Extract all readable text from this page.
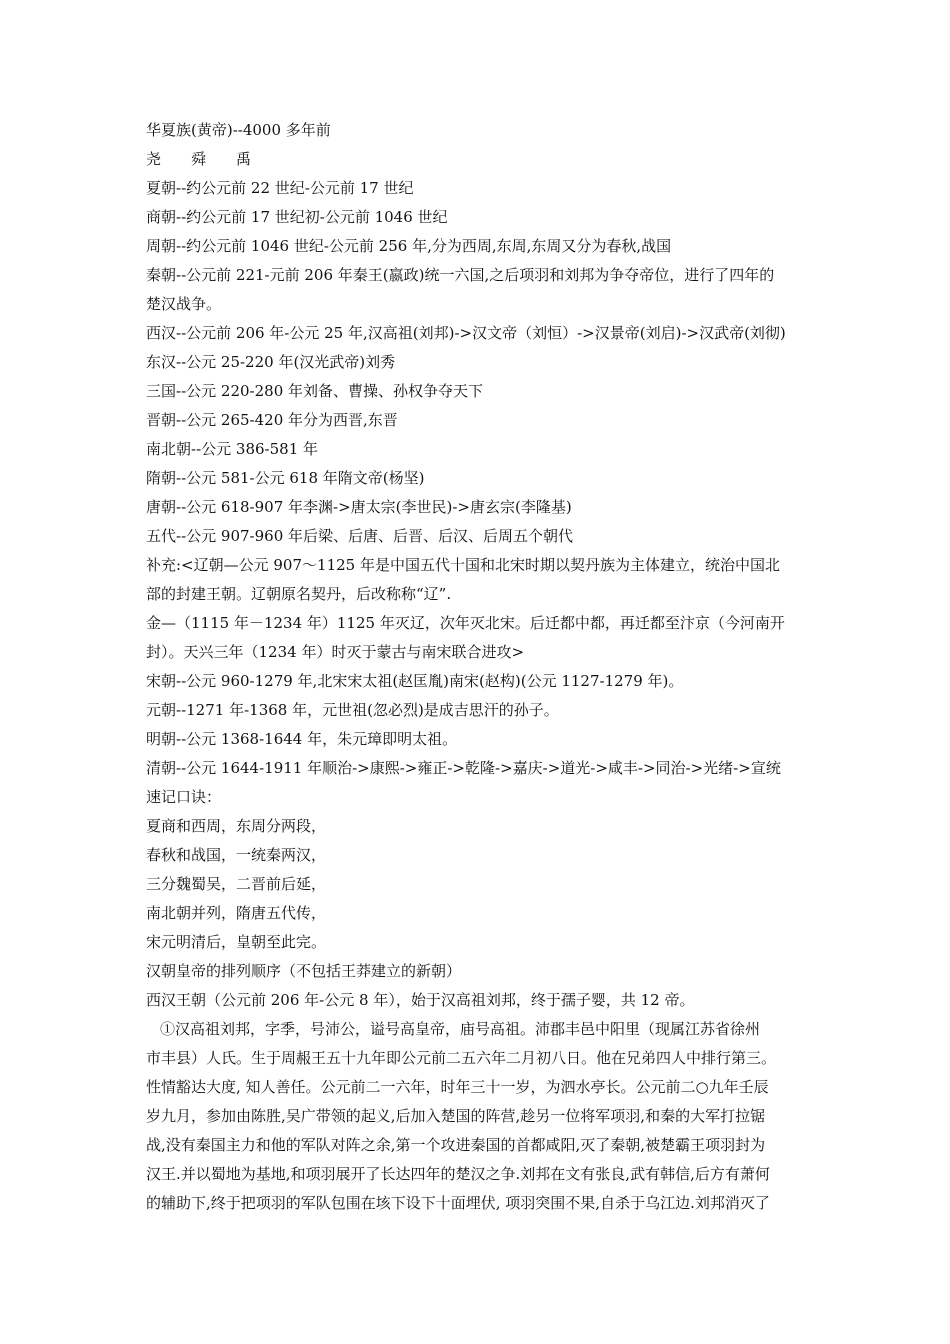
华夏族(黄帝)--4000 多年前
尧　　舜　　禹
夏朝--约公元前 22 世纪-公元前 17 世纪
商朝--约公元前 17 世纪初-公元前 1046 世纪
周朝--约公元前 1046 世纪-公元前 256 年,分为西周,东周,东周又分为春秋,战国
秦朝--公元前 221-元前 206 年秦王(嬴政)统一六国,之后项羽和刘邦为争夺帝位，进行了四年的
楚汉战争。
西汉--公元前 206 年-公元 25 年,汉高祖(刘邦)->汉文帝（刘恒）->汉景帝(刘启)->汉武帝(刘彻)
东汉--公元 25-220 年(汉光武帝)刘秀
三国--公元 220-280 年刘备、曹操、孙权争夺天下
晋朝--公元 265-420 年分为西晋,东晋
南北朝--公元 386-581 年
隋朝--公元 581-公元 618 年隋文帝(杨坚)
唐朝--公元 618-907 年李渊->唐太宗(李世民)->唐玄宗(李隆基)
五代--公元 907-960 年后梁、后唐、后晋、后汉、后周五个朝代
补充:<辽朝—公元 907～1125 年是中国五代十国和北宋时期以契丹族为主体建立，统治中国北
部的封建王朝。辽朝原名契丹，后改称称“辽”.
金—（1115 年－1234 年）1125 年灭辽，次年灭北宋。后迁都中都，再迁都至汴京（今河南开
封）。天兴三年（1234 年）时灭于蒙古与南宋联合进攻>
宋朝--公元 960-1279 年,北宋宋太祖(赵匡胤)南宋(赵构)(公元 1127-1279 年)。
元朝--1271 年-1368 年，元世祖(忽必烈)是成吉思汗的孙子。
明朝--公元 1368-1644 年，朱元璋即明太祖。
清朝--公元 1644-1911 年顺治->康熙->雍正->乾隆->嘉庆->道光->咸丰->同治->光绪->宣统
速记口诀：
夏商和西周，东周分两段，
春秋和战国，一统秦两汉，
三分魏蜀吴，二晋前后延，
南北朝并列，隋唐五代传，
宋元明清后，皇朝至此完。
汉朝皇帝的排列顺序（不包括王莽建立的新朝）
西汉王朝（公元前 206 年-公元 8 年），始于汉高祖刘邦，终于孺子婴，共 12 帝。
①汉高祖刘邦，字季，号沛公，谥号高皇帝，庙号高祖。沛郡丰邑中阳里（现属江苏省徐州
市丰县）人氏。生于周赧王五十九年即公元前二五六年二月初八日。他在兄弟四人中排行第三。
性情豁达大度, 知人善任。公元前二一六年，时年三十一岁，为泗水亭长。公元前二○九年壬辰
岁九月，参加由陈胜,吴广带领的起义,后加入楚国的阵营,趁另一位将军项羽,和秦的大军打拉锯
战,没有秦国主力和他的军队对阵之余,第一个攻进秦国的首都咸阳,灭了秦朝,被楚霸王项羽封为
汉王.并以蜀地为基地,和项羽展开了长达四年的楚汉之争.刘邦在文有张良,武有韩信,后方有萧何
的辅助下,终于把项羽的军队包围在垓下设下十面埋伏, 项羽突围不果,自杀于乌江边.刘邦消灭了
